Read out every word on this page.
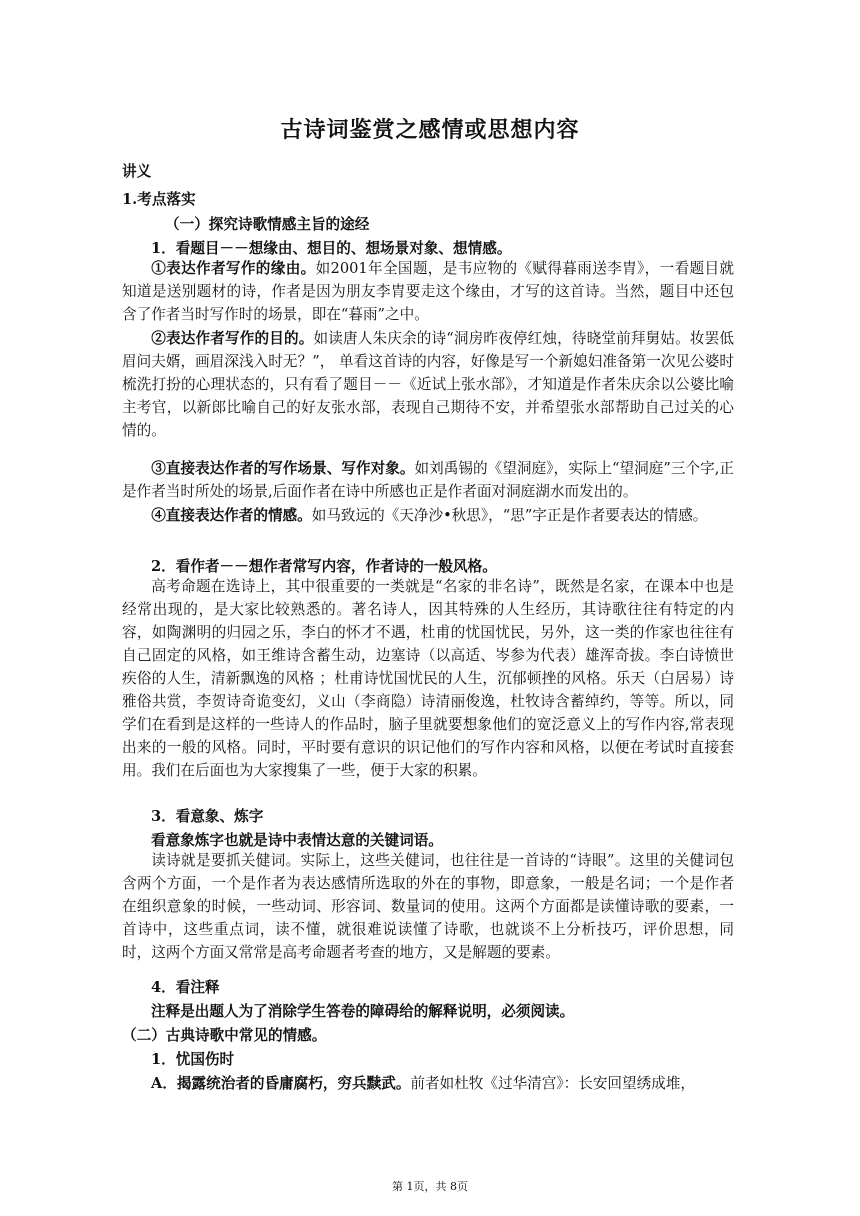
古诗词鉴赏之感情或思想内容
讲义
1.考点落实
（一）探究诗歌情感主旨的途经
1．看题目－－想缘由、想目的、想场景对象、想情感。

①表达作者写作的缘由。如2001年全国题，是韦应物的《赋得暮雨送李胄》，一看题目就知道是送别题材的诗，作者是因为朋友李胄要走这个缘由，才写的这首诗。当然，题目中还包含了作者当时写作时的场景，即在“暮雨”之中。

②表达作者写作的目的。如读唐人朱庆余的诗“洞房昨夜停红烛，待晓堂前拜舅姑。妆罢低眉问夫婿，画眉深浅入时无？”， 单看这首诗的内容，好像是写一个新媳妇准备第一次见公婆时梳洗打扮的心理状态的，只有看了题目－－《近试上张水部》，才知道是作者朱庆余以公婆比喻主考官，以新郎比喻自己的好友张水部，表现自己期待不安，并希望张水部帮助自己过关的心情的。

③直接表达作者的写作场景、写作对象。如刘禹锡的《望洞庭》，实际上“望洞庭”三个字,正是作者当时所处的场景,后面作者在诗中所感也正是作者面对洞庭湖水而发出的。

④直接表达作者的情感。如马致远的《天净沙•秋思》，“思”字正是作者要表达的情感。

2．看作者－－想作者常写内容，作者诗的一般风格。

高考命题在选诗上，其中很重要的一类就是“名家的非名诗”，既然是名家，在课本中也是经常出现的，是大家比较熟悉的。著名诗人，因其特殊的人生经历，其诗歌往往有特定的内容，如陶渊明的归园之乐，李白的怀才不遇，杜甫的忧国忧民，另外，这一类的作家也往往有自己固定的风格，如王维诗含蓄生动，边塞诗（以高适、岑参为代表）雄浑奇拔。李白诗愤世疾俗的人生，清新飘逸的风格 ；杜甫诗忧国忧民的人生，沉郁顿挫的风格。乐天（白居易）诗雅俗共赏，李贺诗奇诡变幻，义山（李商隐）诗清丽俊逸，杜牧诗含蓄绰约，等等。所以，同学们在看到是这样的一些诗人的作品时，脑子里就要想象他们的宽泛意义上的写作内容,常表现出来的一般的风格。同时，平时要有意识的识记他们的写作内容和风格，以便在考试时直接套用。我们在后面也为大家搜集了一些，便于大家的积累。

3．看意象、炼字
看意象炼字也就是诗中表情达意的关键词语。

读诗就是要抓关健词。实际上，这些关健词，也往往是一首诗的“诗眼”。这里的关健词包含两个方面，一个是作者为表达感情所选取的外在的事物，即意象，一般是名词；一个是作者在组织意象的时候，一些动词、形容词、数量词的使用。这两个方面都是读懂诗歌的要素，一首诗中，这些重点词，读不懂，就很难说读懂了诗歌，也就谈不上分析技巧，评价思想，同时，这两个方面又常常是高考命题者考查的地方，又是解题的要素。

4．看注释
注释是出题人为了消除学生答卷的障碍给的解释说明，必须阅读。
（二）古典诗歌中常见的情感。
1．忧国伤时
A．揭露统治者的昏庸腐朽，穷兵黩武。前者如杜牧《过华清宫》：长安回望绣成堆，
第 1页，共 8页
